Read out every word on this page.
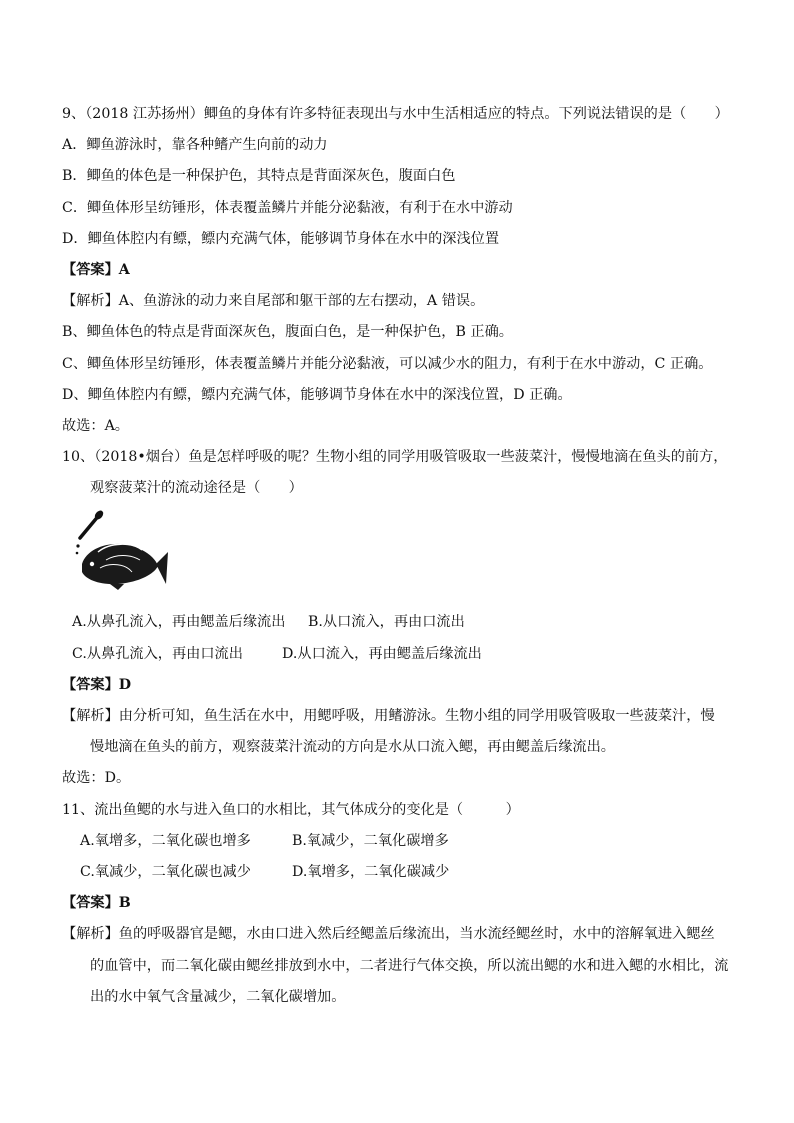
9、（2018 江苏扬州）鲫鱼的身体有许多特征表现出与水中生活相适应的特点。下列说法错误的是（　　）
A．鲫鱼游泳时，靠各种鳍产生向前的动力
B．鲫鱼的体色是一种保护色，其特点是背面深灰色，腹面白色
C．鲫鱼体形呈纺锤形，体表覆盖鳞片并能分泌黏液，有利于在水中游动
D．鲫鱼体腔内有鳔，鳔内充满气体，能够调节身体在水中的深浅位置
【答案】A
【解析】A、鱼游泳的动力来自尾部和躯干部的左右摆动，A 错误。
B、鲫鱼体色的特点是背面深灰色，腹面白色，是一种保护色，B 正确。
C、鲫鱼体形呈纺锤形，体表覆盖鳞片并能分泌黏液，可以减少水的阻力，有利于在水中游动，C 正确。
D、鲫鱼体腔内有鳔，鳔内充满气体，能够调节身体在水中的深浅位置，D 正确。
故选：A。
10、（2018•烟台）鱼是怎样呼吸的呢？生物小组的同学用吸管吸取一些菠菜汁，慢慢地滴在鱼头的前方，
观察菠菜汁的流动途径是（　　）
A.从鼻孔流入，再由鳃盖后缘流出 B.从口流入，再由口流出
C.从鼻孔流入，再由口流出	D.从口流入，再由鳃盖后缘流出
【答案】D
【解析】由分析可知，鱼生活在水中，用鳃呼吸，用鳍游泳。生物小组的同学用吸管吸取一些菠菜汁，慢
慢地滴在鱼头的前方，观察菠菜汁流动的方向是水从口流入鳃，再由鳃盖后缘流出。
故选：D。
11、流出鱼鳃的水与进入鱼口的水相比，其气体成分的变化是（　　　）
A.氧增多，二氧化碳也增多	B.氧减少，二氧化碳增多
C.氧减少，二氧化碳也减少	D.氧增多，二氧化碳减少
【答案】B
【解析】鱼的呼吸器官是鳃，水由口进入然后经鳃盖后缘流出，当水流经鳃丝时，水中的溶解氧进入鳃丝
的血管中，而二氧化碳由鳃丝排放到水中，二者进行气体交换，所以流出鳃的水和进入鳃的水相比，流
出的水中氧气含量减少，二氧化碳增加。
